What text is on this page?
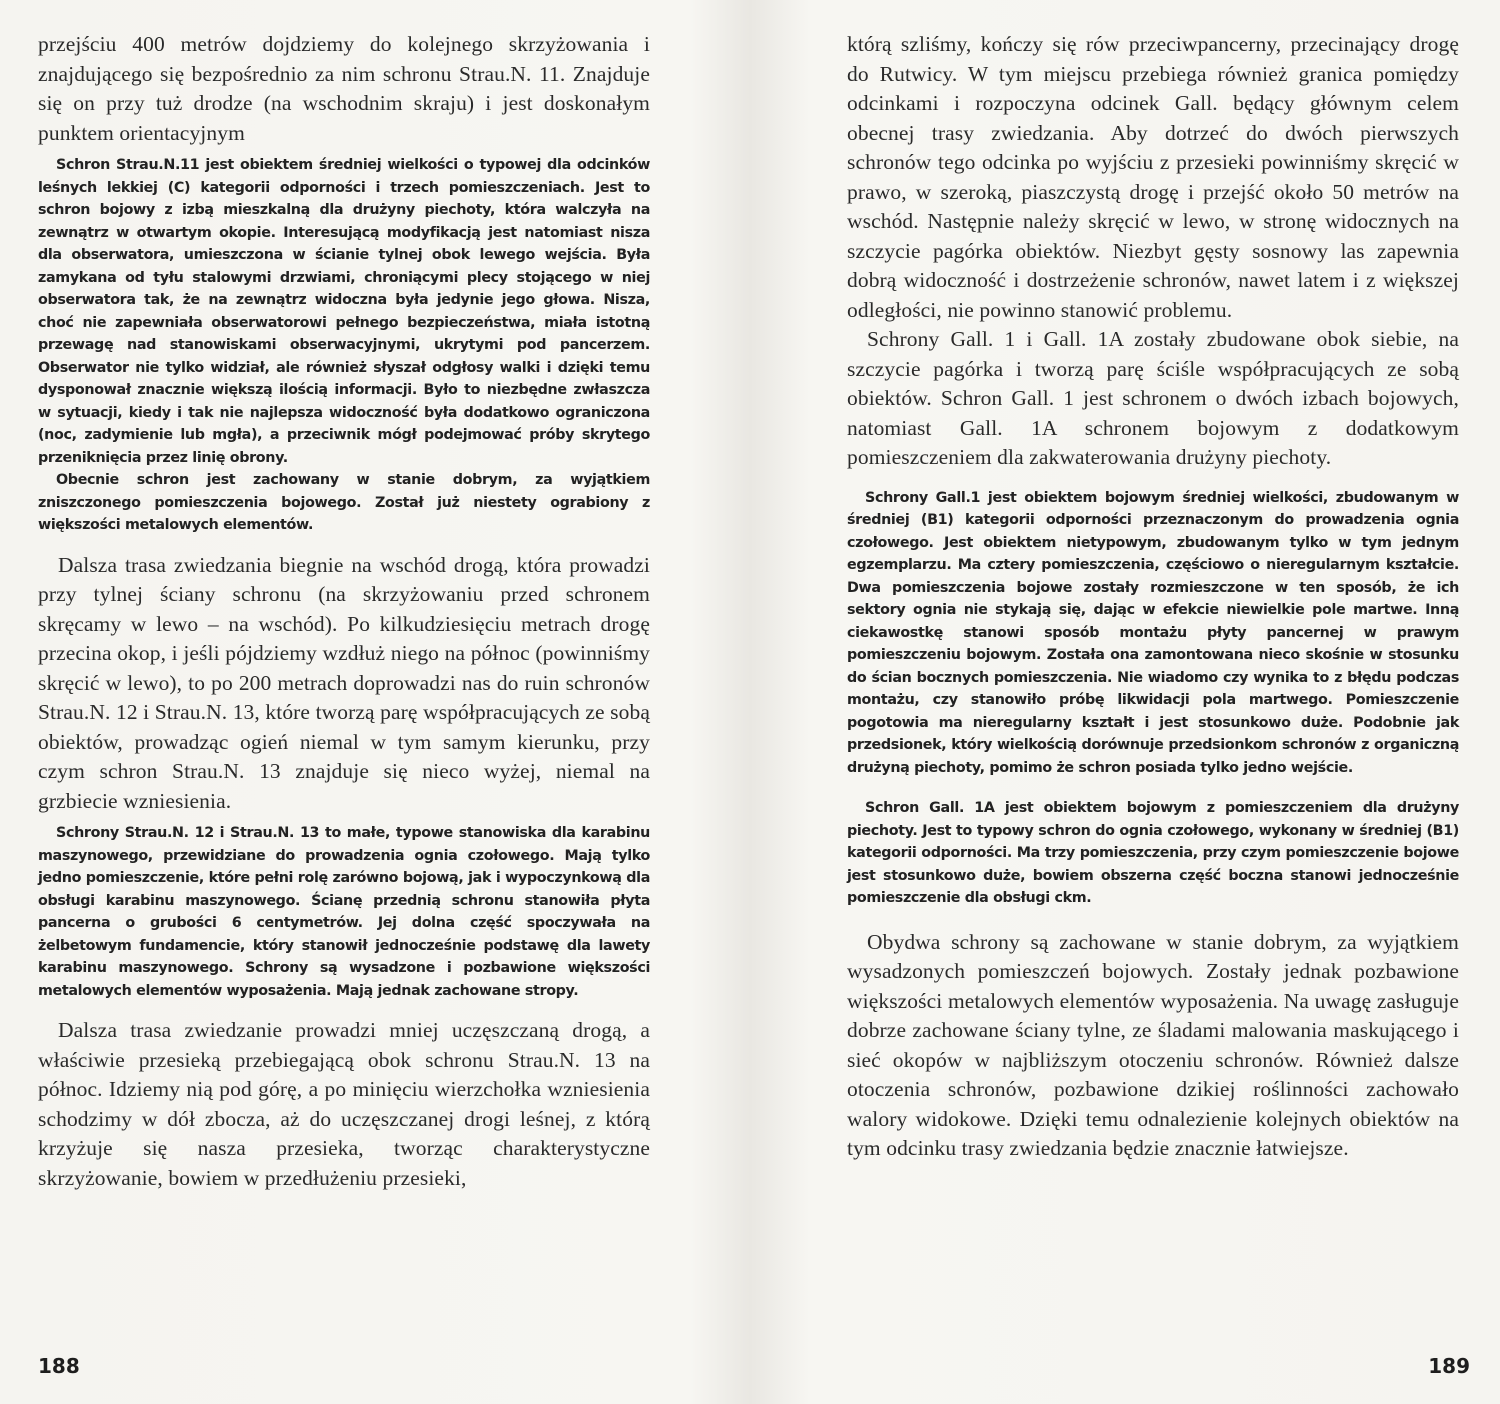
przejściu 400 metrów dojdziemy do kolejnego skrzyżowania i znajdującego się bezpośrednio za nim schronu Strau.N. 11. Znajduje się on przy tuż drodze (na wschodnim skraju) i jest doskonałym punktem orientacyjnym

Schron Strau.N.11 jest obiektem średniej wielkości o typowej dla odcinków leśnych lekkiej (C) kategorii odporności i trzech pomieszczeniach. Jest to schron bojowy z izbą mieszkalną dla drużyny piechoty, która walczyła na zewnątrz w otwartym okopie. Interesującą modyfikacją jest natomiast nisza dla obserwatora, umieszczona w ścianie tylnej obok lewego wejścia. Była zamykana od tyłu stalowymi drzwiami, chroniącymi plecy stojącego w niej obserwatora tak, że na zewnątrz widoczna była jedynie jego głowa. Nisza, choć nie zapewniała obserwatorowi pełnego bezpieczeństwa, miała istotną przewagę nad stanowiskami obserwacyjnymi, ukrytymi pod pancerzem. Obserwator nie tylko widział, ale również słyszał odgłosy walki i dzięki temu dysponował znacznie większą ilością informacji. Było to niezbędne zwłaszcza w sytuacji, kiedy i tak nie najlepsza widoczność była dodatkowo ograniczona (noc, zadymienie lub mgła), a przeciwnik mógł podejmować próby skrytego przeniknięcia przez linię obrony.

Obecnie schron jest zachowany w stanie dobrym, za wyjątkiem zniszczonego pomieszczenia bojowego. Został już niestety ograbiony z większości metalowych elementów.

Dalsza trasa zwiedzania biegnie na wschód drogą, która prowadzi przy tylnej ściany schronu (na skrzyżowaniu przed schronem skręcamy w lewo – na wschód). Po kilkudziesięciu metrach drogę przecina okop, i jeśli pójdziemy wzdłuż niego na północ (powinniśmy skręcić w lewo), to po 200 metrach doprowadzi nas do ruin schronów Strau.N. 12 i Strau.N. 13, które tworzą parę współpracujących ze sobą obiektów, prowadząc ogień niemal w tym samym kierunku, przy czym schron Strau.N. 13 znajduje się nieco wyżej, niemal na grzbiecie wzniesienia.

Schrony Strau.N. 12 i Strau.N. 13 to małe, typowe stanowiska dla karabinu maszynowego, przewidziane do prowadzenia ognia czołowego. Mają tylko jedno pomieszczenie, które pełni rolę zarówno bojową, jak i wypoczynkową dla obsługi karabinu maszynowego. Ścianę przednią schronu stanowiła płyta pancerna o grubości 6 centymetrów. Jej dolna część spoczywała na żelbetowym fundamencie, który stanowił jednocześnie podstawę dla lawety karabinu maszynowego. Schrony są wysadzone i pozbawione większości metalowych elementów wyposażenia. Mają jednak zachowane stropy.

Dalsza trasa zwiedzanie prowadzi mniej uczęszczaną drogą, a właściwie przesieką przebiegającą obok schronu Strau.N. 13 na północ. Idziemy nią pod górę, a po minięciu wierzchołka wzniesienia schodzimy w dół zbocza, aż do uczęszczanej drogi leśnej, z którą krzyżuje się nasza przesieka, tworząc charakterystyczne skrzyżowanie, bowiem w przedłużeniu przesieki,

188

którą szliśmy, kończy się rów przeciwpancerny, przecinający drogę do Rutwicy. W tym miejscu przebiega również granica pomiędzy odcinkami i rozpoczyna odcinek Gall. będący głównym celem obecnej trasy zwiedzania. Aby dotrzeć do dwóch pierwszych schronów tego odcinka po wyjściu z przesieki powinniśmy skręcić w prawo, w szeroką, piaszczystą drogę i przejść około 50 metrów na wschód. Następnie należy skręcić w lewo, w stronę widocznych na szczycie pagórka obiektów. Niezbyt gęsty sosnowy las zapewnia dobrą widoczność i dostrzeżenie schronów, nawet latem i z większej odległości, nie powinno stanowić problemu.

Schrony Gall. 1 i Gall. 1A zostały zbudowane obok siebie, na szczycie pagórka i tworzą parę ściśle współpracujących ze sobą obiektów. Schron Gall. 1 jest schronem o dwóch izbach bojowych, natomiast Gall. 1A schronem bojowym z dodatkowym pomieszczeniem dla zakwaterowania drużyny piechoty.

Schrony Gall.1 jest obiektem bojowym średniej wielkości, zbudowanym w średniej (B1) kategorii odporności przeznaczonym do prowadzenia ognia czołowego. Jest obiektem nietypowym, zbudowanym tylko w tym jednym egzemplarzu. Ma cztery pomieszczenia, częściowo o nieregularnym kształcie. Dwa pomieszczenia bojowe zostały rozmieszczone w ten sposób, że ich sektory ognia nie stykają się, dając w efekcie niewielkie pole martwe. Inną ciekawostkę stanowi sposób montażu płyty pancernej w prawym pomieszczeniu bojowym. Została ona zamontowana nieco skośnie w stosunku do ścian bocznych pomieszczenia. Nie wiadomo czy wynika to z błędu podczas montażu, czy stanowiło próbę likwidacji pola martwego. Pomieszczenie pogotowia ma nieregularny kształt i jest stosunkowo duże. Podobnie jak przedsionek, który wielkością dorównuje przedsionkom schronów z organiczną drużyną piechoty, pomimo że schron posiada tylko jedno wejście.

Schron Gall. 1A jest obiektem bojowym z pomieszczeniem dla drużyny piechoty. Jest to typowy schron do ognia czołowego, wykonany w średniej (B1) kategorii odporności. Ma trzy pomieszczenia, przy czym pomieszczenie bojowe jest stosunkowo duże, bowiem obszerna część boczna stanowi jednocześnie pomieszczenie dla obsługi ckm.

Obydwa schrony są zachowane w stanie dobrym, za wyjątkiem wysadzonych pomieszczeń bojowych. Zostały jednak pozbawione większości metalowych elementów wyposażenia. Na uwagę zasługuje dobrze zachowane ściany tylne, ze śladami malowania maskującego i sieć okopów w najbliższym otoczeniu schronów. Również dalsze otoczenia schronów, pozbawione dzikiej roślinności zachowało walory widokowe. Dzięki temu odnalezienie kolejnych obiektów na tym odcinku trasy zwiedzania będzie znacznie łatwiejsze.

189
